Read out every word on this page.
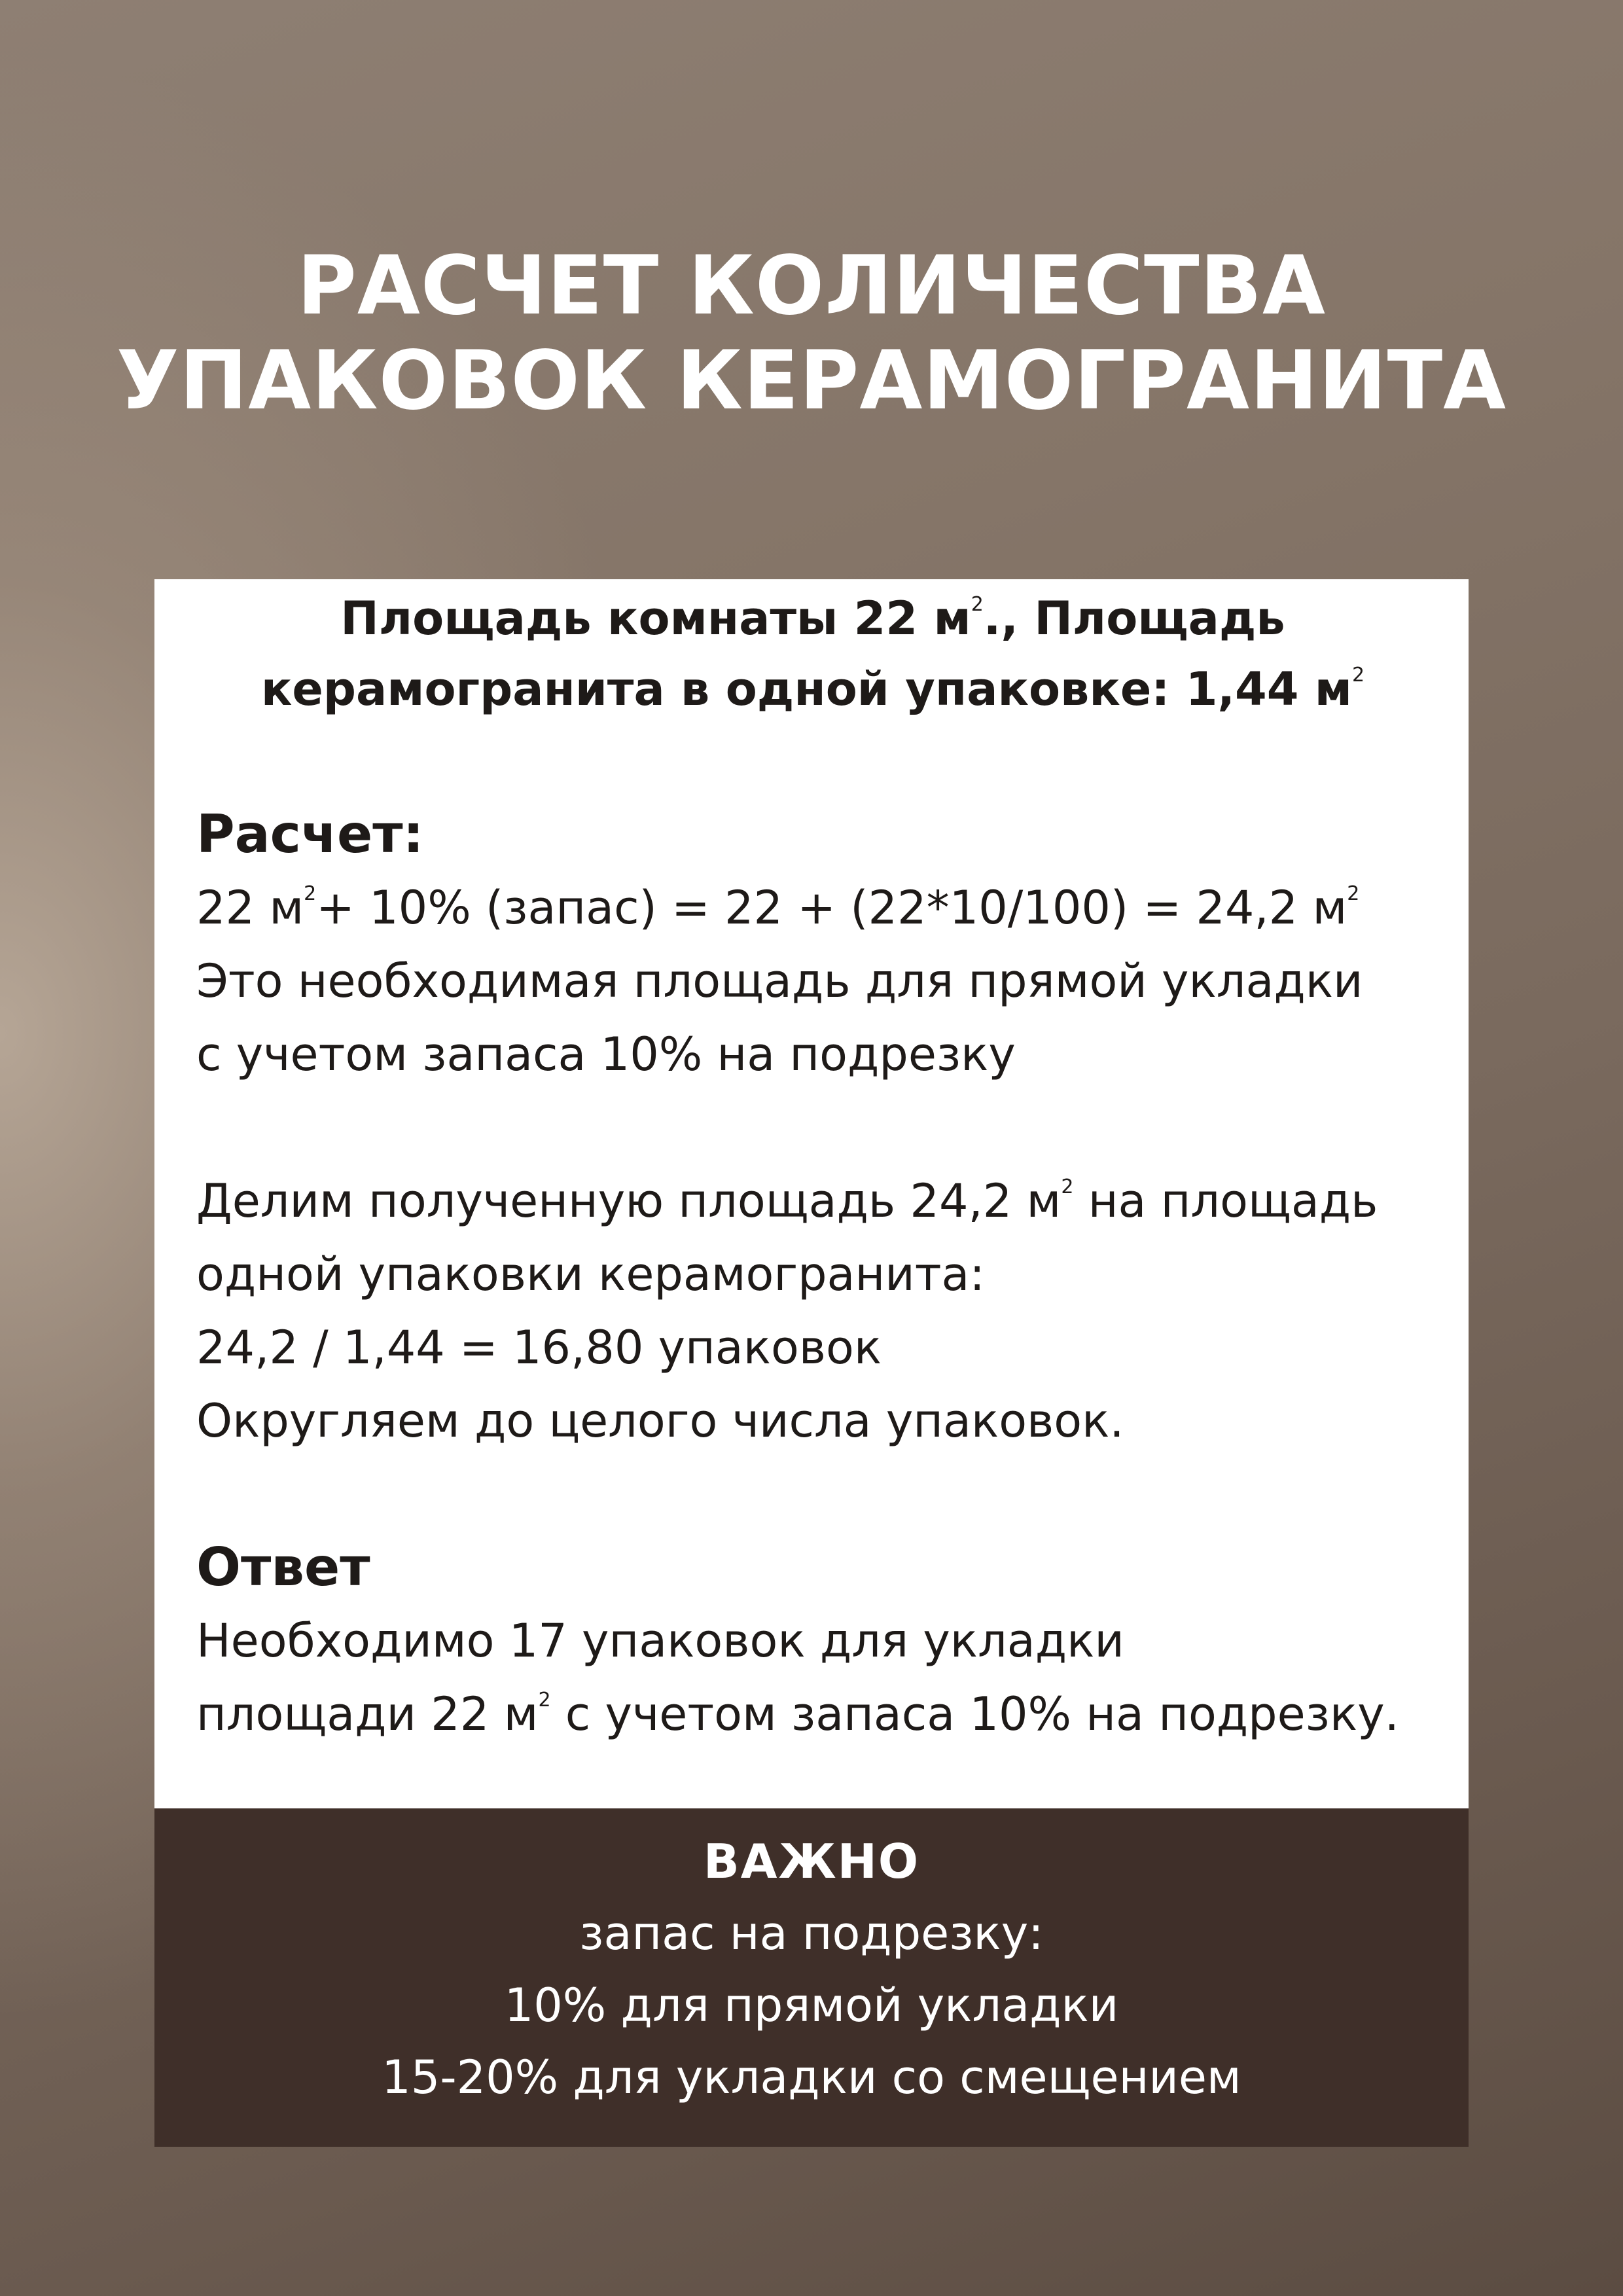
РАСЧЕТ КОЛИЧЕСТВА
УПАКОВОК КЕРАМОГРАНИТА
Площадь комнаты 22 $м^2$., Площадь
керамогранита в одной упаковке: 1,44 $м^2$
Расчет:
22 $м^2+ 10\%$ (запас) = 22 + (22*10/100) = 24,2 $м^2$
Это необходимая площадь для прямой укладки
с учетом запаса 10% на подрезку
Делим полученную площадь 24,2 $м^2$ на площадь
одной упаковки керамогранита:
24,2 / 1,44 = 16,80 упаковок
Округляем до целого числа упаковок.
Ответ
Необходимо 17 упаковок для укладки
площади 22 $м^2$ с учетом запаса 10% на подрезку.
ВАЖНО
запас на подрезку:
10% для прямой укладки
15-20% для укладки со смещением
